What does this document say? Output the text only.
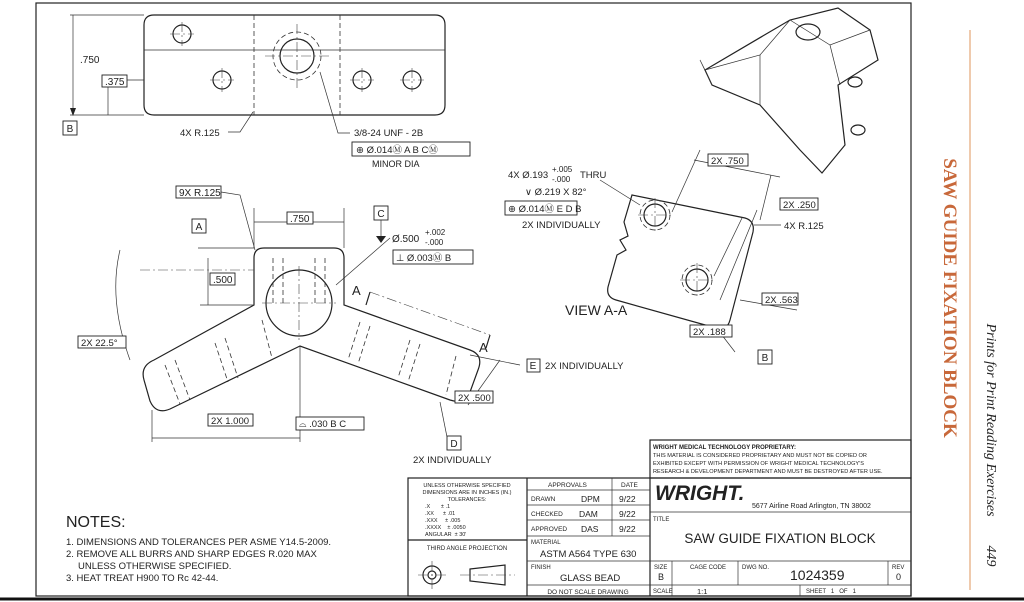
SAW GUIDE FIXATION BLOCK Prints for Print Reading Exercises
449
.750
.375
B	4X R.125	3/8-24 UNF - 2B
⊕ Ø.014Ⓜ A B CⓂ
MINOR DIA
9X R.125
.750
A
C
.500
Ø.500
+.002
-.000
⊥ Ø.003Ⓜ B
A
A
2X 22.5°
2X 1.000	⌓ .030 B C
2X .500
E 2X INDIVIDUALLY
D
2X INDIVIDUALLY
4X Ø.193
+.005
-.000 THRU
∨ Ø.219 X 82°
⊕ Ø.014Ⓜ E D B
2X INDIVIDUALLY
2X .750
2X .250
4X R.125
2X .563
2X .188
B
VIEW A-A
NOTES:
1. DIMENSIONS AND TOLERANCES PER ASME Y14.5-2009.
2. REMOVE ALL BURRS AND SHARP EDGES R.020 MAX
UNLESS OTHERWISE SPECIFIED.
3. HEAT TREAT H900 TO Rc 42-44.
WRIGHT MEDICAL TECHNOLOGY PROPRIETARY:
THIS MATERIAL IS CONSIDERED PROPRIETARY AND MUST NOT BE COPIED OR
EXHIBITED EXCEPT WITH PERMISSION OF WRIGHT MEDICAL TECHNOLOGY'S
RESEARCH & DEVELOPMENT DEPARTMENT AND MUST BE DESTROYED AFTER USE.
UNLESS OTHERWISE SPECIFIED
DIMENSIONS ARE IN INCHES (IN.)
TOLERANCES:
.X       ± .1
.XX      ± .01
.XXX     ± .005
.XXXX    ± .0050
ANGULAR  ± 30'
THIRD ANGLE PROJECTION
APPROVALS	DATE
DRAWN	DPM 9/22
CHECKED DAM 9/22
APPROVED DAS 9/22
MATERIAL
ASTM A564 TYPE 630
FINISH
GLASS BEAD
DO NOT SCALE DRAWING
WRIGHT.
5677 Airline Road Arlington, TN 38002
TITLE
SAW GUIDE FIXATION BLOCK
SIZE
B
CAGE CODE	DWG NO. 1024359	REV
0
SCALE	1:1	SHEET   1   OF   1
